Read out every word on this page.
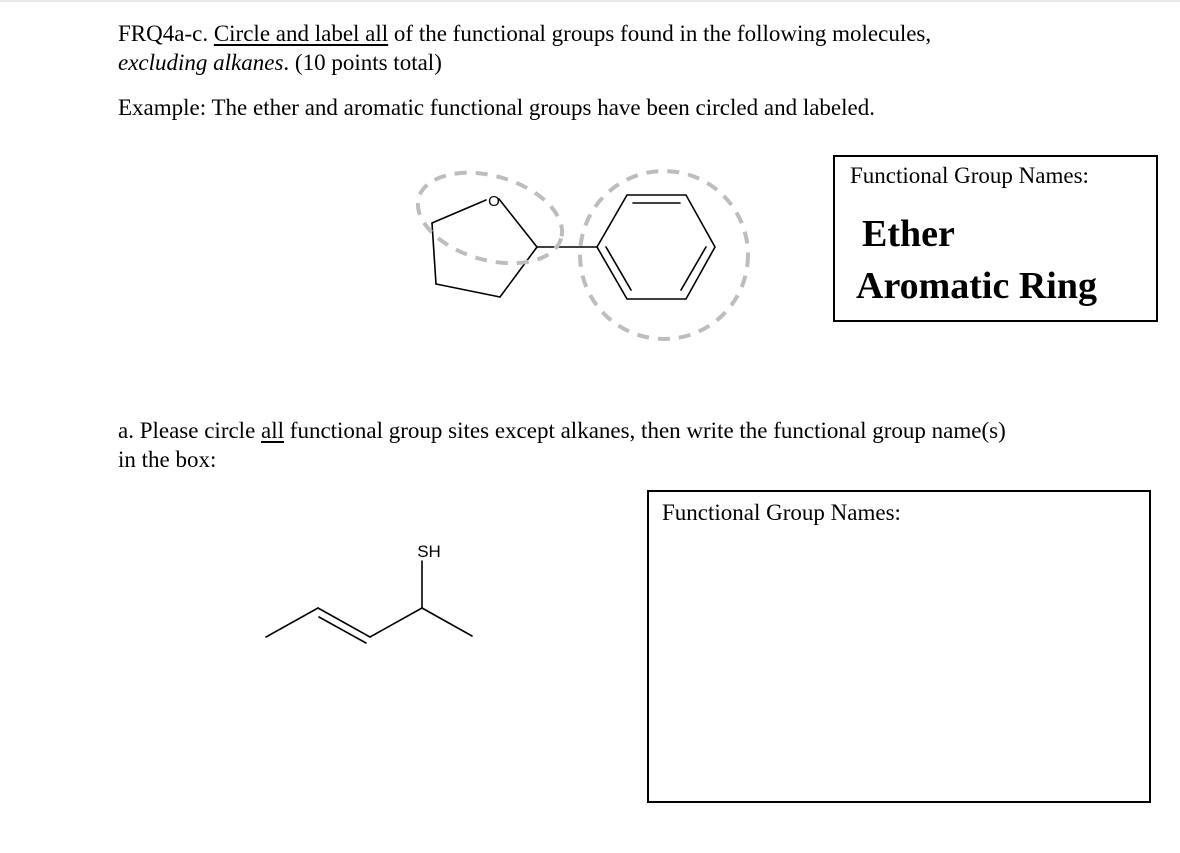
FRQ4a-c. Circle and label all of the functional groups found in the following molecules,
excluding alkanes. (10 points total)
Example: The ether and aromatic functional groups have been circled and labeled.
Functional Group Names:
Ether
Aromatic Ring
a. Please circle all functional group sites except alkanes, then write the functional group name(s)
in the box:
Functional Group Names:
O
SH
